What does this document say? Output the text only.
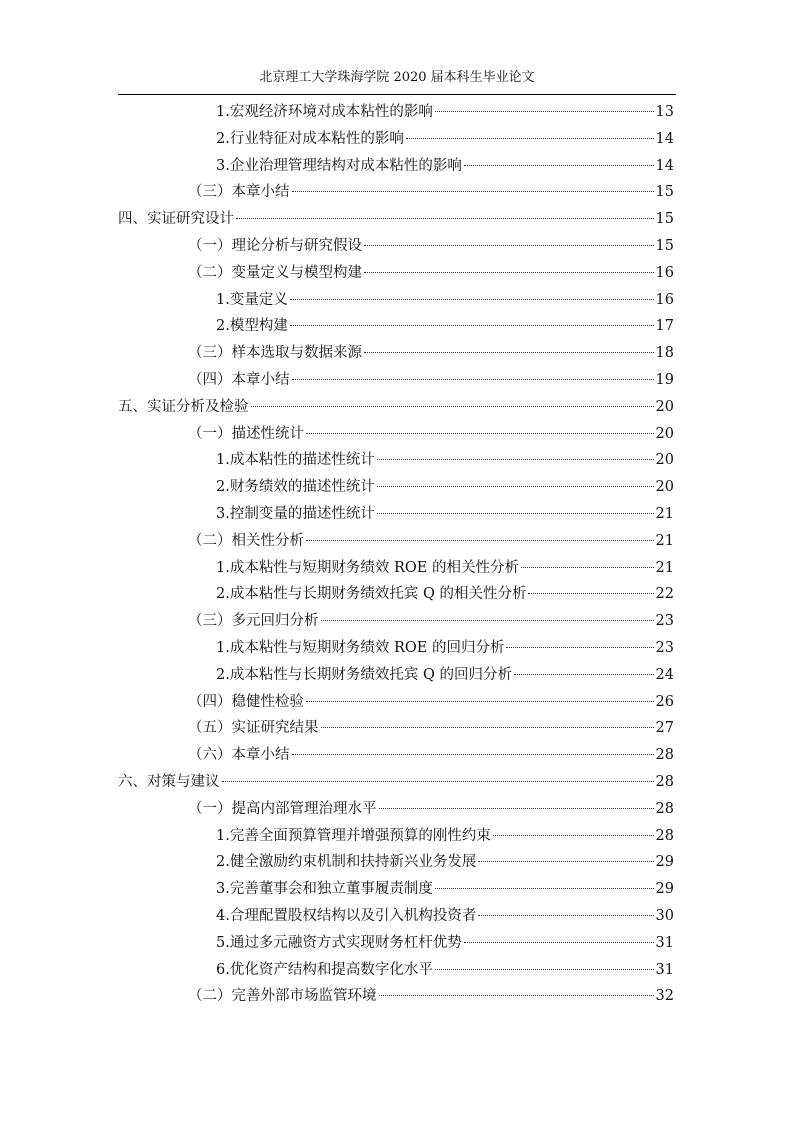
北京理工大学珠海学院 2020 届本科生毕业论文
1.宏观经济环境对成本粘性的影响	13
2.行业特征对成本粘性的影响	14
3.企业治理管理结构对成本粘性的影响	14
（三）本章小结	15
四、实证研究设计	15
（一）理论分析与研究假设	15
（二）变量定义与模型构建	16
1.变量定义	16
2.模型构建	17
（三）样本选取与数据来源	18
（四）本章小结	19
五、实证分析及检验	20
（一）描述性统计	20
1.成本粘性的描述性统计	20
2.财务绩效的描述性统计	20
3.控制变量的描述性统计	21
（二）相关性分析	21
1.成本粘性与短期财务绩效 ROE 的相关性分析	21
2.成本粘性与长期财务绩效托宾 Q 的相关性分析	22
（三）多元回归分析	23
1.成本粘性与短期财务绩效 ROE 的回归分析	23
2.成本粘性与长期财务绩效托宾 Q 的回归分析	24
（四）稳健性检验	26
（五）实证研究结果	27
（六）本章小结	28
六、对策与建议	28
（一）提高内部管理治理水平	28
1.完善全面预算管理并增强预算的刚性约束	28
2.健全激励约束机制和扶持新兴业务发展	29
3.完善董事会和独立董事履责制度	29
4.合理配置股权结构以及引入机构投资者	30
5.通过多元融资方式实现财务杠杆优势	31
6.优化资产结构和提高数字化水平	31
（二）完善外部市场监管环境	32
